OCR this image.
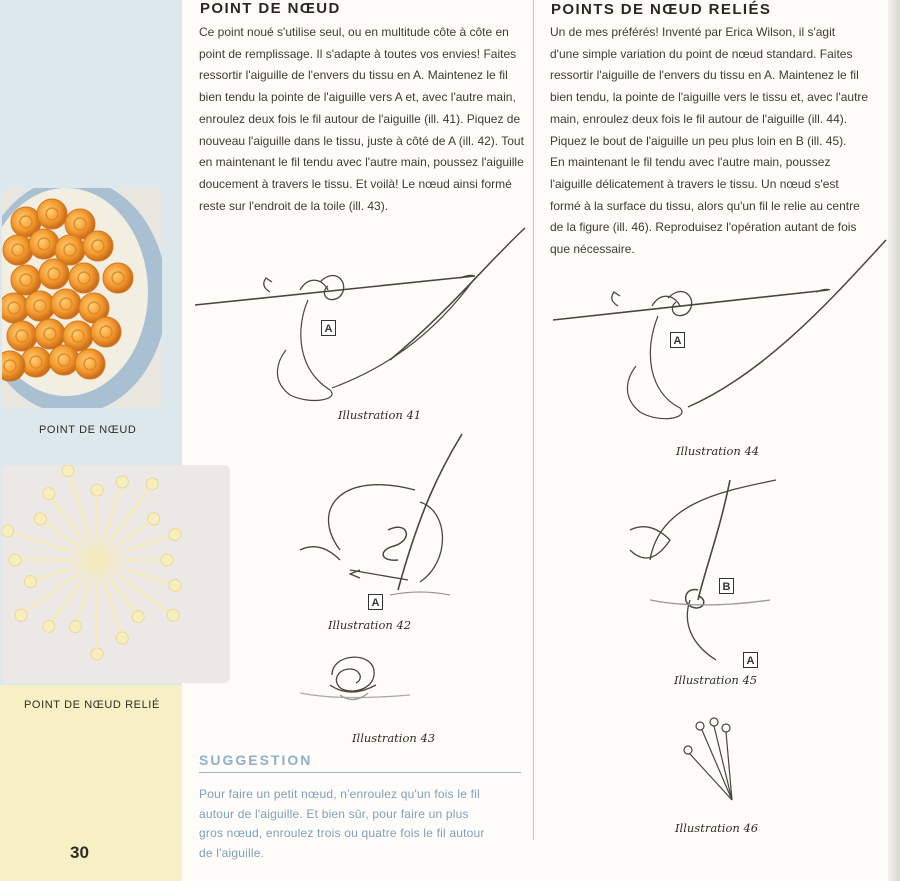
POINT DE NŒUD
POINT DE NŒUD RELIÉ
30
POINT DE NŒUD
Ce point noué s'utilise seul, ou en multitude côte à côte en
point de remplissage. Il s'adapte à toutes vos envies! Faites
ressortir l'aiguille de l'envers du tissu en A. Maintenez le fil
bien tendu la pointe de l'aiguille vers A et, avec l'autre main,
enroulez deux fois le fil autour de l'aiguille (ill. 41). Piquez de
nouveau l'aiguille dans le tissu, juste à côté de A (ill. 42). Tout
en maintenant le fil tendu avec l'autre main, poussez l'aiguille
doucement à travers le tissu. Et voilà! Le nœud ainsi formé
reste sur l'endroit de la toile (ill. 43).
A
Illustration 41
A
Illustration 42
Illustration 43
SUGGESTION
Pour faire un petit nœud, n'enroulez qu'un fois le fil
autour de l'aiguille. Et bien sûr, pour faire un plus
gros nœud, enroulez trois ou quatre fois le fil autour
de l'aiguille.
POINTS DE NŒUD RELIÉS
Un de mes préférés! Inventé par Erica Wilson, il s'agit
d'une simple variation du point de nœud standard. Faites
ressortir l'aiguille de l'envers du tissu en A. Maintenez le fil
bien tendu, la pointe de l'aiguille vers le tissu et, avec l'autre
main, enroulez deux fois le fil autour de l'aiguille (ill. 44).
Piquez le bout de l'aiguille un peu plus loin en B (ill. 45).
En maintenant le fil tendu avec l'autre main, poussez
l'aiguille délicatement à travers le tissu. Un nœud s'est
formé à la surface du tissu, alors qu'un fil le relie au centre
de la figure (ill. 46). Reproduisez l'opération autant de fois
que nécessaire.
A
Illustration 44
B
A
Illustration 45
Illustration 46
